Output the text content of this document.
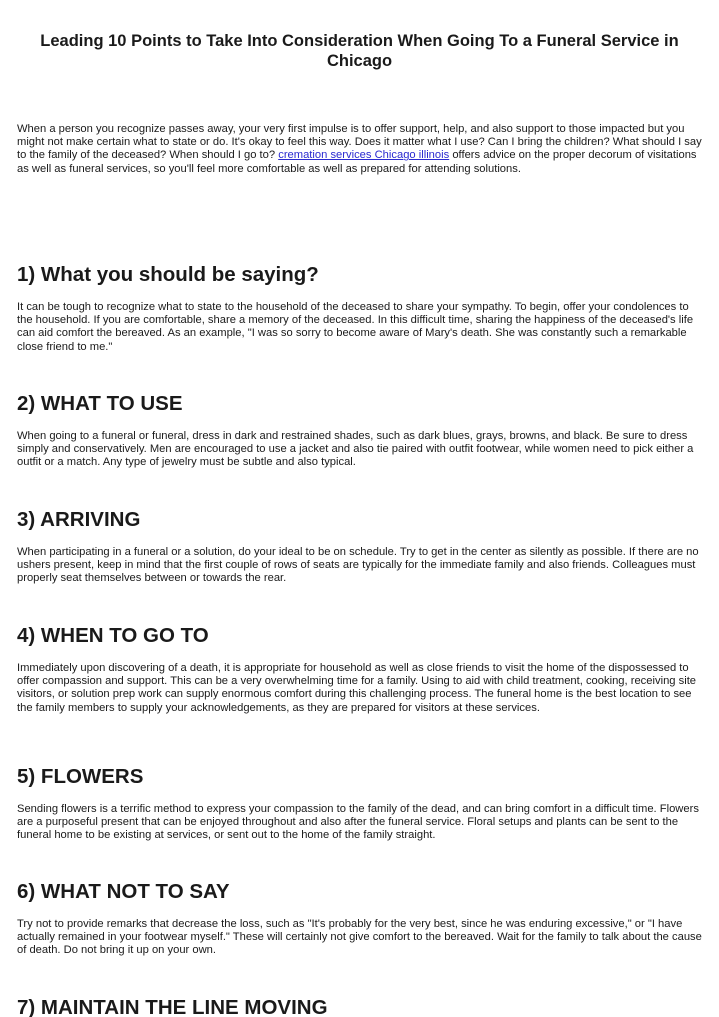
Leading 10 Points to Take Into Consideration When Going To a Funeral Service in Chicago

When a person you recognize passes away, your very first impulse is to offer support, help, and also support to those impacted but you might not make certain what to state or do. It's okay to feel this way. Does it matter what I use? Can I bring the children? What should I say to the family of the deceased? When should I go to? cremation services Chicago illinois offers advice on the proper decorum of visitations as well as funeral services, so you'll feel more comfortable as well as prepared for attending solutions.

1) What you should be saying?

It can be tough to recognize what to state to the household of the deceased to share your sympathy. To begin, offer your condolences to the household. If you are comfortable, share a memory of the deceased. In this difficult time, sharing the happiness of the deceased's life can aid comfort the bereaved. As an example, "I was so sorry to become aware of Mary's death. She was constantly such a remarkable close friend to me."

2) WHAT TO USE

When going to a funeral or funeral, dress in dark and restrained shades, such as dark blues, grays, browns, and black. Be sure to dress simply and conservatively. Men are encouraged to use a jacket and also tie paired with outfit footwear, while women need to pick either a outfit or a match. Any type of jewelry must be subtle and also typical.

3) ARRIVING

When participating in a funeral or a solution, do your ideal to be on schedule. Try to get in the center as silently as possible. If there are no ushers present, keep in mind that the first couple of rows of seats are typically for the immediate family and also friends. Colleagues must properly seat themselves between or towards the rear.

4) WHEN TO GO TO

Immediately upon discovering of a death, it is appropriate for household as well as close friends to visit the home of the dispossessed to offer compassion and support. This can be a very overwhelming time for a family. Using to aid with child treatment, cooking, receiving site visitors, or solution prep work can supply enormous comfort during this challenging process. The funeral home is the best location to see the family members to supply your acknowledgements, as they are prepared for visitors at these services.

5) FLOWERS

Sending flowers is a terrific method to express your compassion to the family of the dead, and can bring comfort in a difficult time. Flowers are a purposeful present that can be enjoyed throughout and also after the funeral service. Floral setups and plants can be sent to the funeral home to be existing at services, or sent out to the home of the family straight.

6) WHAT NOT TO SAY

Try not to provide remarks that decrease the loss, such as "It's probably for the very best, since he was enduring excessive," or "I have actually remained in your footwear myself." These will certainly not give comfort to the bereaved. Wait for the family to talk about the cause of death. Do not bring it up on your own.

7) MAINTAIN THE LINE MOVING
